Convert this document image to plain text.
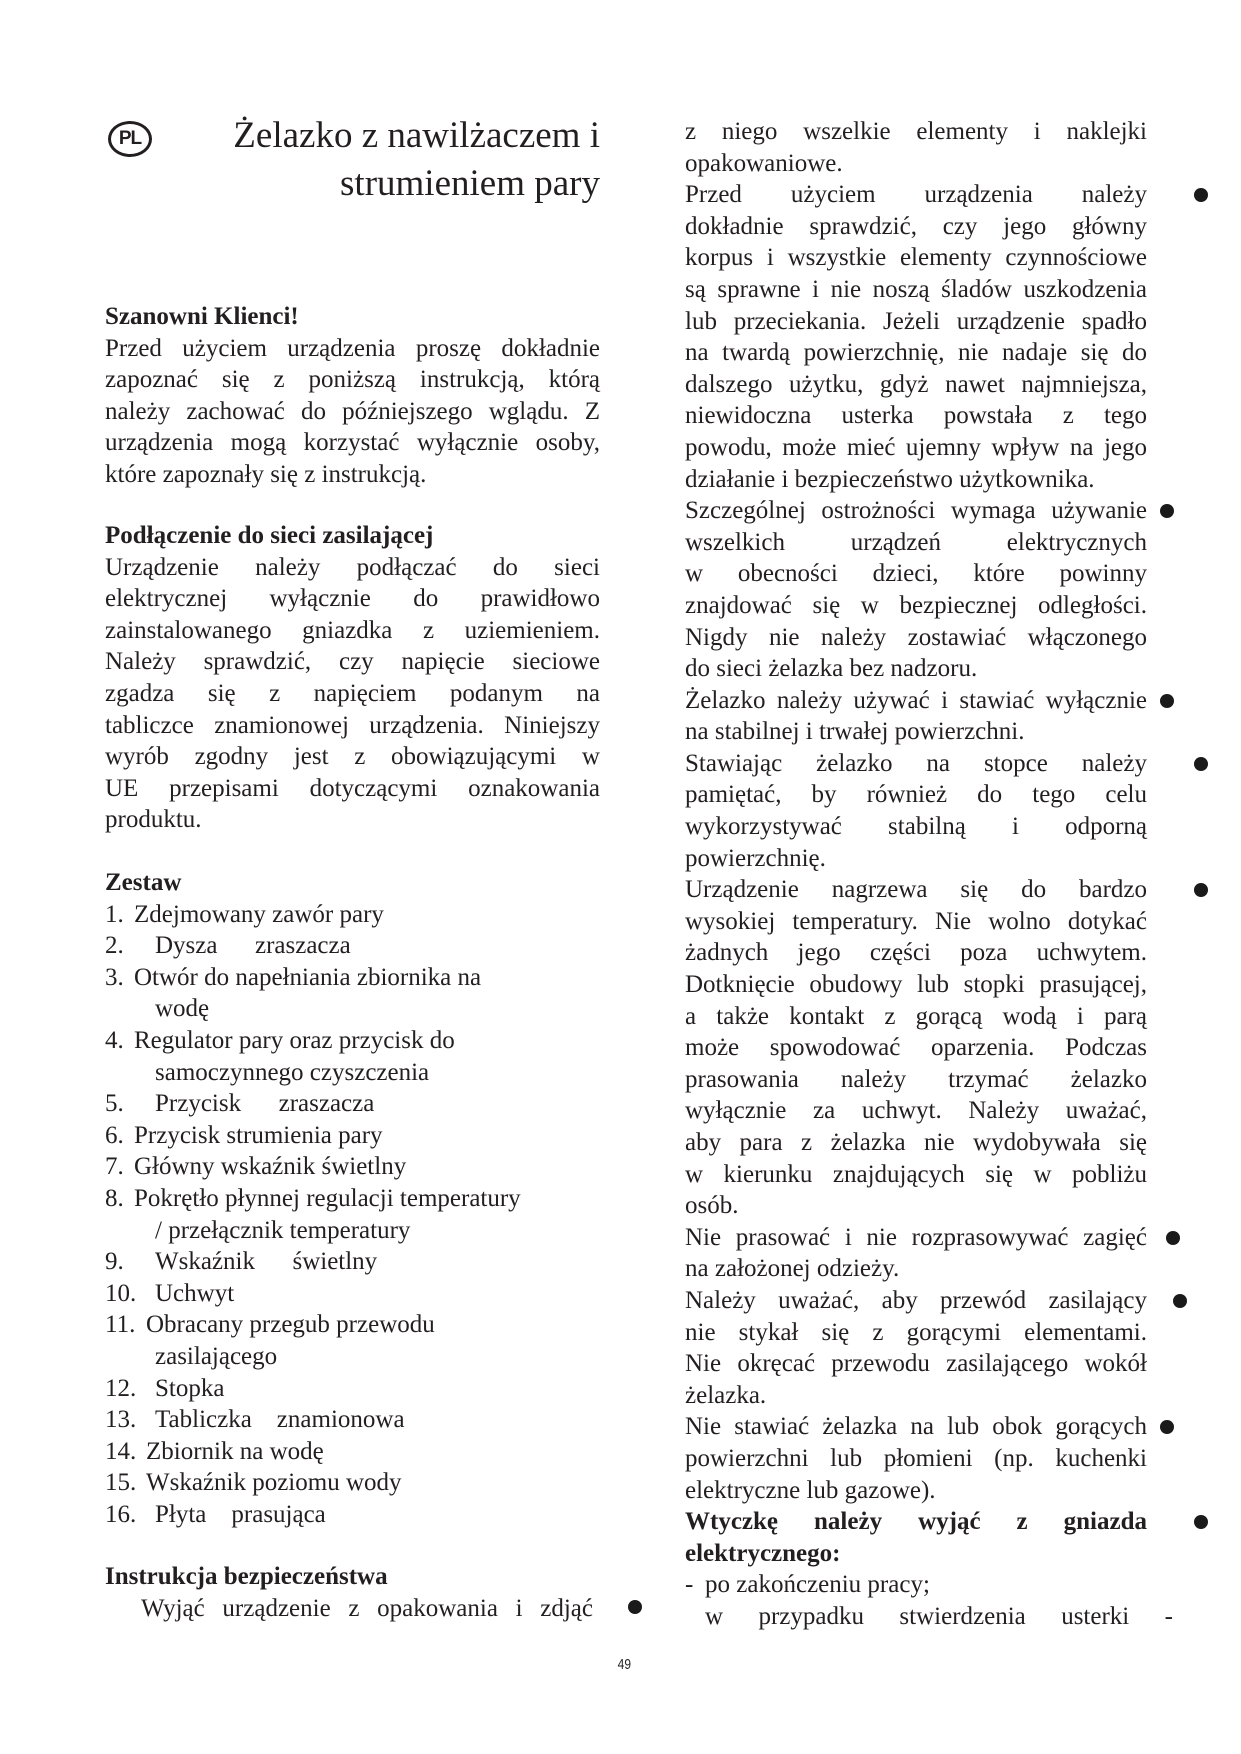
PL	Żelazko z nawilżaczem i
strumieniem pary
Szanowni Klienci!
Przed użyciem urządzenia proszę dokładnie
zapoznać się z poniższą instrukcją, którą
należy zachować do późniejszego wglądu. Z
urządzenia mogą korzystać wyłącznie osoby,
które zapoznały się z instrukcją.
Podłączenie do sieci zasilającej
Urządzenie należy podłączać do sieci
elektrycznej wyłącznie do prawidłowo
zainstalowanego gniazdka z uziemieniem.
Należy sprawdzić, czy napięcie sieciowe
zgadza się z napięciem podanym na
tabliczce znamionowej urządzenia. Niniejszy
wyrób zgodny jest z obowiązującymi w
UE przepisami dotyczącymi oznakowania
produktu.
Zestaw
1. Zdejmowany zawór pary
2. Dysza      zraszacza
3. Otwór do napełniania zbiornika na
wodę
4. Regulator pary oraz przycisk do
samoczynnego czyszczenia
5. Przycisk      zraszacza
6. Przycisk strumienia pary
7. Główny wskaźnik świetlny
8. Pokrętło płynnej regulacji temperatury
/ przełącznik temperatury
9. Wskaźnik      świetlny
10. Uchwyt
11. Obracany przegub przewodu
zasilającego
12. Stopka
13. Tabliczka    znamionowa
14. Zbiornik na wodę
15. Wskaźnik poziomu wody
16. Płyta    prasująca
Instrukcja bezpieczeństwa
Wyjąć urządzenie z opakowania i zdjąć
z niego wszelkie elementy i naklejki
opakowaniowe.
Przed użyciem urządzenia należy
dokładnie sprawdzić, czy jego główny
korpus i wszystkie elementy czynnościowe
są sprawne i nie noszą śladów uszkodzenia
lub przeciekania. Jeżeli urządzenie spadło
na twardą powierzchnię, nie nadaje się do
dalszego użytku, gdyż nawet najmniejsza,
niewidoczna usterka powstała z tego
powodu, może mieć ujemny wpływ na jego
działanie i bezpieczeństwo użytkownika.
Szczególnej ostrożności wymaga używanie
wszelkich urządzeń elektrycznych
w obecności dzieci, które powinny
znajdować się w bezpiecznej odległości.
Nigdy nie należy zostawiać włączonego
do sieci żelazka bez nadzoru.
Żelazko należy używać i stawiać wyłącznie
na stabilnej i trwałej powierzchni.
Stawiając żelazko na stopce należy
pamiętać, by również do tego celu
wykorzystywać stabilną i odporną
powierzchnię.
Urządzenie nagrzewa się do bardzo
wysokiej temperatury. Nie wolno dotykać
żadnych jego części poza uchwytem.
Dotknięcie obudowy lub stopki prasującej,
a także kontakt z gorącą wodą i parą
może spowodować oparzenia. Podczas
prasowania należy trzymać żelazko
wyłącznie za uchwyt. Należy uważać,
aby para z żelazka nie wydobywała się
w kierunku znajdujących się w pobliżu
osób.
Nie prasować i nie rozprasowywać zagięć
na założonej odzieży.
Należy uważać, aby przewód zasilający
nie stykał się z gorącymi elementami.
Nie okręcać przewodu zasilającego wokół
żelazka.
Nie stawiać żelazka na lub obok gorących
powierzchni lub płomieni (np. kuchenki
elektryczne lub gazowe).
Wtyczkę należy wyjąć z gniazda
elektrycznego:
- po zakończeniu pracy;
w przypadku stwierdzenia usterki -
49
